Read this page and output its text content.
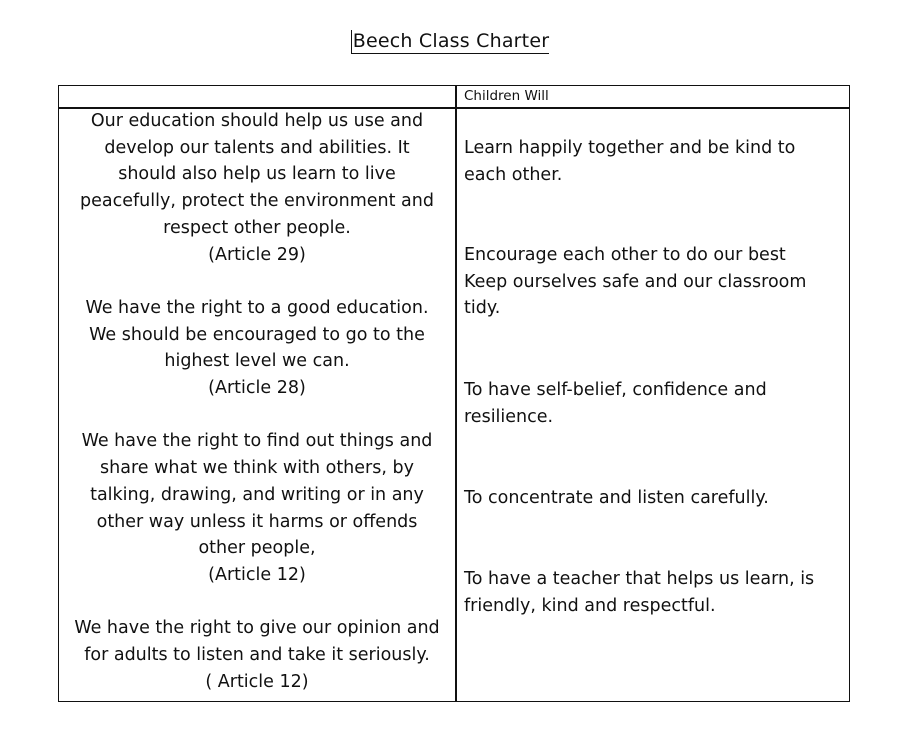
Beech Class Charter
Children Will
Our education should help us use and
develop our talents and abilities. It
should also help us learn to live
peacefully, protect the environment and
respect other people.
(Article 29)

We have the right to a good education.
We should be encouraged to go to the
highest level we can.
(Article 28)

We have the right to find out things and
share what we think with others, by
talking, drawing, and writing or in any
other way unless it harms or offends
other people,
(Article 12)

We have the right to give our opinion and
for adults to listen and take it seriously.
( Article 12)
Learn happily together and be kind to
each other.
Encourage each other to do our best
Keep ourselves safe and our classroom
tidy.
To have self-belief, confidence and
resilience.
To concentrate and listen carefully.
To have a teacher that helps us learn, is
friendly, kind and respectful.
